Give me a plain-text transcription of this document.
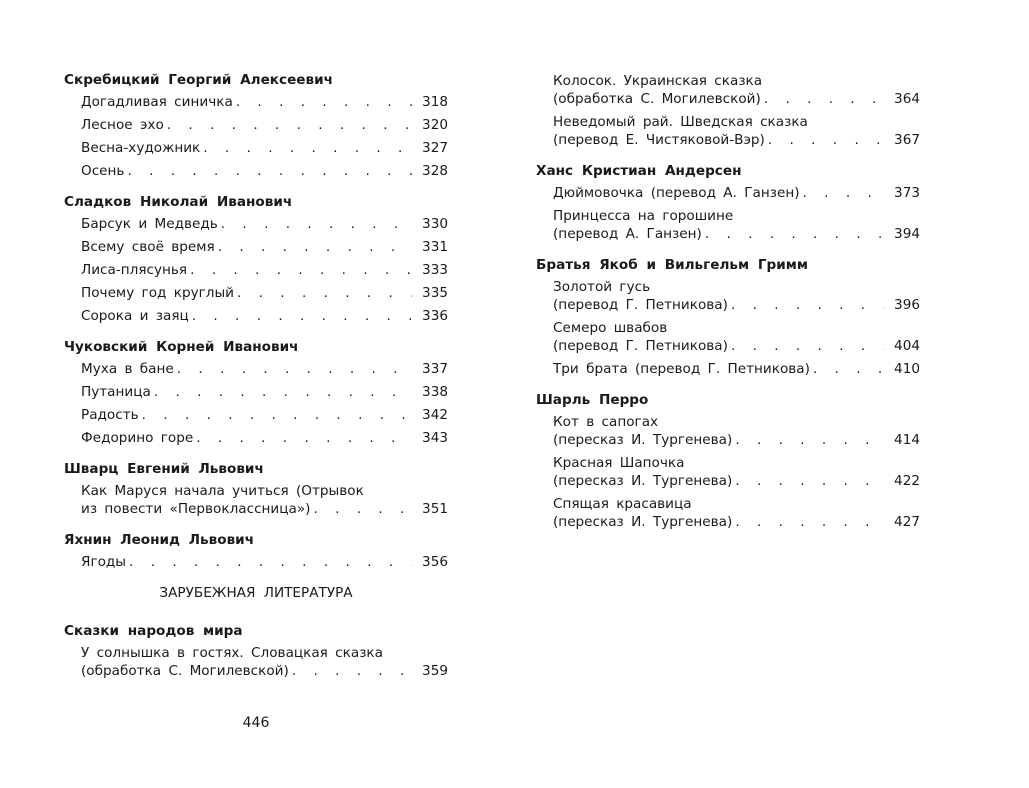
Скребицкий Георгий Алексеевич
Догадливая синичка . . .	318
Лесное эхо . . .	320
Весна-художник . . .	327
Осень . . .	328
Сладков Николай Иванович
Барсук и Медведь . . .	330
Всему своё время . . .	331
Лиса-плясунья . . .	333
Почему год круглый . . .	335
Сорока и заяц . . .	336
Чуковский Корней Иванович
Муха в бане . . .	337
Путаница . . .	338
Радость . . .	342
Федорино горе . . .	343
Шварц Евгений Львович
Как Маруся начала учиться (Отрывок
из повести «Первоклассница») . . .	351
Яхнин Леонид Львович
Ягоды . . .	356
ЗАРУБЕЖНАЯ ЛИТЕРАТУРА
Сказки народов мира
У солнышка в гостях. Словацкая сказка
(обработка С. Могилевской) . . .	359
Колосок. Украинская сказка
(обработка С. Могилевской) . . .	364
Неведомый рай. Шведская сказка
(перевод Е. Чистяковой-Вэр) . . .	367
Ханс Кристиан Андерсен
Дюймовочка (перевод А. Ганзен) . . .	373
Принцесса на горошине
(перевод А. Ганзен) . . .	394
Братья Якоб и Вильгельм Гримм
Золотой гусь
(перевод Г. Петникова) . . .	396
Семеро швабов
(перевод Г. Петникова) . . .	404
Три брата (перевод Г. Петникова) . . .	410
Шарль Перро
Кот в сапогах
(пересказ И. Тургенева) . . .	414
Красная Шапочка
(пересказ И. Тургенева) . . .	422
Спящая красавица
(пересказ И. Тургенева) . . .	427
446
